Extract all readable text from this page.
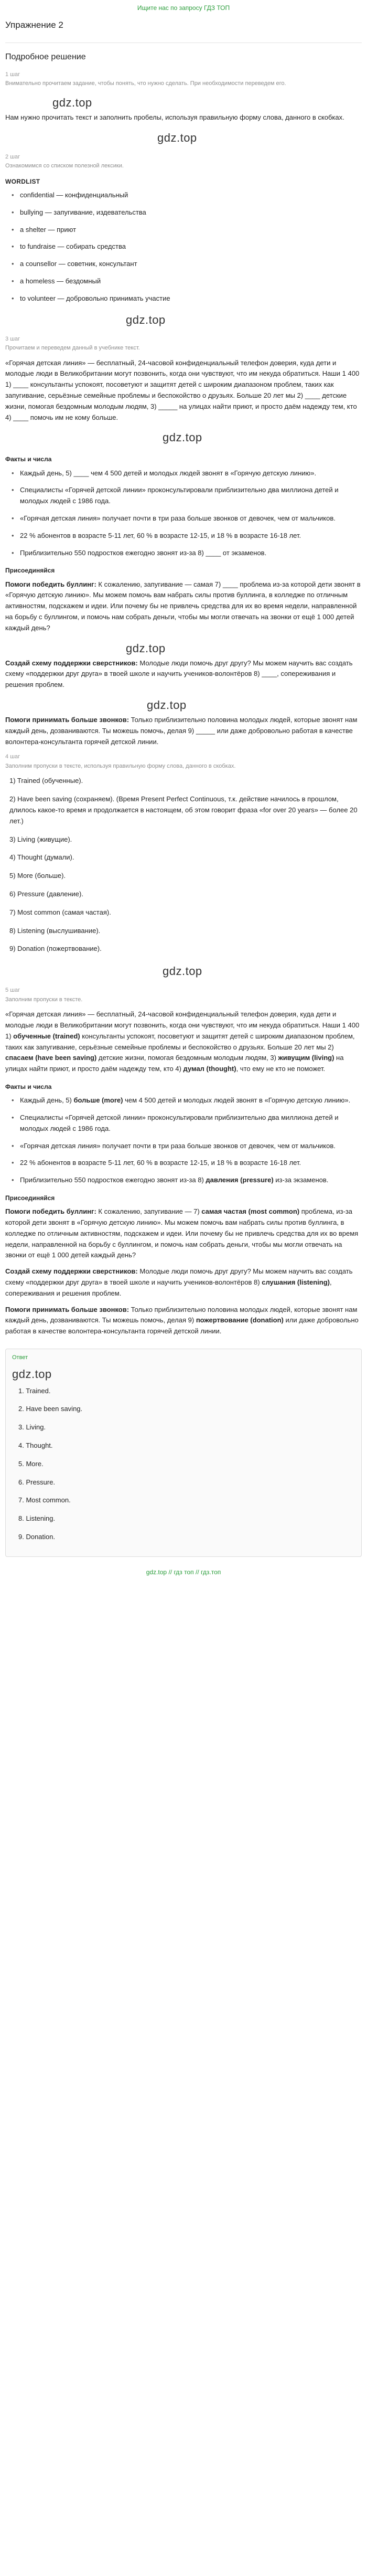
Ищите нас по запросу ГДЗ ТОП
Упражнение 2
Подробное решение
1 шаг
Внимательно прочитаем задание, чтобы понять, что нужно сделать. При необходимости переведем его.
gdz.top

Нам нужно прочитать текст и заполнить пробелы, используя правильную форму слова, данного в скобках.

gdz.top
2 шаг
Ознакомимся со списком полезной лексики.
WORDLIST
• confidential — конфиденциальный
• bullying — запугивание, издевательства
• a shelter — приют
• to fundraise — собирать средства
• a counsellor — советник, консультант
• a homeless — бездомный
• to volunteer — добровольно принимать участие
gdz.top
3 шаг
Прочитаем и переведем данный в учебнике текст.

«Горячая детская линия» — бесплатный, 24-часовой конфиденциальный телефон доверия, куда дети и молодые люди в Великобритании могут позвонить, когда они чувствуют, что им некуда обратиться. Наши 1 400 1) ____ консультанты успокоят, посоветуют и защитят детей с широким диапазоном проблем, таких как запугивание, серьёзные семейные проблемы и беспокойство о друзьях. Больше 20 лет мы 2) ____ детские жизни, помогая бездомным молодым людям, 3) _____ на улицах найти приют, и просто даём надежду тем, кто 4) ____ помочь им не кому больше.

gdz.top
Факты и числа
• Каждый день, 5) ____ чем 4 500 детей и молодых людей звонят в «Горячую детскую линию».
• Специалисты «Горячей детской линии» проконсультировали приблизительно два миллиона детей и молодых людей с 1986 года.
• «Горячая детская линия» получает почти в три раза больше звонков от девочек, чем от мальчиков.
• 22 % абонентов в возрасте 5-11 лет, 60 % в возрасте 12-15, и 18 % в возрасте 16-18 лет.
• Приблизительно 550 подростков ежегодно звонят из-за 8) ____ от экзаменов.
Присоединяйся

Помоги победить буллинг: К сожалению, запугивание — самая 7) ____ проблема из-за которой дети звонят в «Горячую детскую линию». Мы можем помочь вам набрать силы против буллинга, в колледже по отличным активностям, подскажем и идеи. Или почему бы не привлечь средства для их во время недели, направленной на борьбу с буллингом, и помочь нам собрать деньги, чтобы мы могли отвечать на звонки от ещё 1 000 детей каждый день?

gdz.top

Создай схему поддержки сверстников: Молодые люди помочь друг другу? Мы можем научить вас создать схему «поддержки друг друга» в твоей школе и научить учеников-волонтёров 8) ____, сопереживания и решения проблем.

gdz.top

Помоги принимать больше звонков: Только приблизительно половина молодых людей, которые звонят нам каждый день, дозваниваются. Ты можешь помочь, делая 9) _____ или даже добровольно работая в качестве волонтера-консультанта горячей детской линии.

4 шаг
Заполним пропуски в тексте, используя правильную форму слова, данного в скобках.
1) Trained (обученные).
2) Have been saving (сохраняем). (Время Present Perfect Continuous, т.к. действие начилось в прошлом, длилось какое-то время и продолжается в настоящем, об этом говорит фраза «for over 20 years» — более 20 лет.)
3) Living (живущие).
4) Thought (думали).
5) More (больше).
6) Pressure (давление).
7) Most common (самая частая).
8) Listening (выслушивание).
9) Donation (пожертвование).
gdz.top
5 шаг
Заполним пропуски в тексте.

«Горячая детская линия» — бесплатный, 24-часовой конфиденциальный телефон доверия, куда дети и молодые люди в Великобритании могут позвонить, когда они чувствуют, что им некуда обратиться. Наши 1 400 1) обученные (trained) консультанты успокоят, посоветуют и защитят детей с широким диапазоном проблем, таких как запугивание, серьёзные семейные проблемы и беспокойство о друзьях. Больше 20 лет мы 2) спасаем (have been saving) детские жизни, помогая бездомным молодым людям, 3) живущим (living) на улицах найти приют, и просто даём надежду тем, кто 4) думал (thought), что ему не кто не поможет.

Факты и числа
• Каждый день, 5) больше (more) чем 4 500 детей и молодых людей звонят в «Горячую детскую линию».
• Специалисты «Горячей детской линии» проконсультировали приблизительно два миллиона детей и молодых людей с 1986 года.
• «Горячая детская линия» получает почти в три раза больше звонков от девочек, чем от мальчиков.
• 22 % абонентов в возрасте 5-11 лет, 60 % в возрасте 12-15, и 18 % в возрасте 16-18 лет.
• Приблизительно 550 подростков ежегодно звонят из-за 8) давления (pressure) из-за экзаменов.
Присоединяйся

Помоги победить буллинг: К сожалению, запугивание — 7) самая частая (most common) проблема, из-за которой дети звонят в «Горячую детскую линию». Мы можем помочь вам набрать силы против буллинга, в колледже по отличным активностям, подскажем и идеи. Или почему бы не привлечь средства для их во время недели, направленной на борьбу с буллингом, и помочь нам собрать деньги, чтобы мы могли отвечать на звонки от ещё 1 000 детей каждый день?

Создай схему поддержки сверстников: Молодые люди помочь друг другу? Мы можем научить вас создать схему «поддержки друг друга» в твоей школе и научить учеников-волонтёров 8) слушания (listening), сопереживания и решения проблем.

Помоги принимать больше звонков: Только приблизительно половина молодых людей, которые звонят нам каждый день, дозваниваются. Ты можешь помочь, делая 9) пожертвование (donation) или даже добровольно работая в качестве волонтера-консультанта горячей детской линии.

Ответ
gdz.top
1. Trained.
2. Have been saving.
3. Living.
4. Thought.
5. More.
6. Pressure.
7. Most common.
8. Listening.
9. Donation.
gdz.top // гдз топ // гдз.топ
